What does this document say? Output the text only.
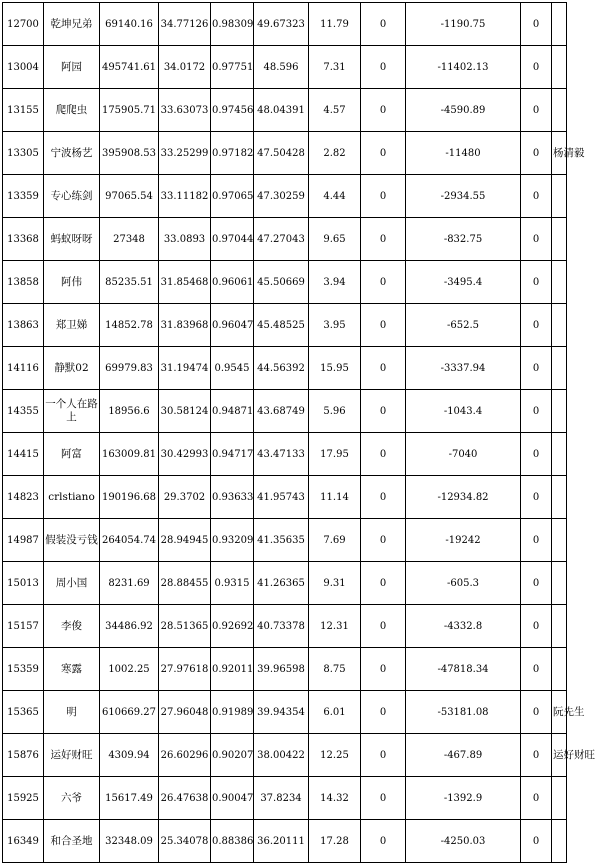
12700	乾坤兄弟	69140.16	34.77126	0.98309	49.67323	11.79	0	-1190.75	0	
13004	阿园	495741.61	34.0172	0.97751	48.596	7.31	0	-11402.13	0	
13155	爬爬虫	175905.71	33.63073	0.97456	48.04391	4.57	0	-4590.89	0	
13305	宁波杨艺	395908.53	33.25299	0.97182	47.50428	2.82	0	-11480	0	杨清毅
13359	专心练剑	97065.54	33.11182	0.97065	47.30259	4.44	0	-2934.55	0	
13368	蚂蚁呀呀	27348	33.0893	0.97044	47.27043	9.65	0	-832.75	0	
13858	阿伟	85235.51	31.85468	0.96061	45.50669	3.94	0	-3495.4	0	
13863	郑卫娣	14852.78	31.83968	0.96047	45.48525	3.95	0	-652.5	0	
14116	静默02	69979.83	31.19474	0.9545	44.56392	15.95	0	-3337.94	0	
14355	一个人在路上	18956.6	30.58124	0.94871	43.68749	5.96	0	-1043.4	0	
14415	阿富	163009.81	30.42993	0.94717	43.47133	17.95	0	-7040	0	
14823	crlstiano	190196.68	29.3702	0.93633	41.95743	11.14	0	-12934.82	0	
14987	假装没亏钱	264054.74	28.94945	0.93209	41.35635	7.69	0	-19242	0	
15013	周小国	8231.69	28.88455	0.9315	41.26365	9.31	0	-605.3	0	
15157	李俊	34486.92	28.51365	0.92692	40.73378	12.31	0	-4332.8	0	
15359	寒露	1002.25	27.97618	0.92011	39.96598	8.75	0	-47818.34	0	
15365	明	610669.27	27.96048	0.91989	39.94354	6.01	0	-53181.08	0	阮先生
15876	运好财旺	4309.94	26.60296	0.90207	38.00422	12.25	0	-467.89	0	运好财旺
15925	六爷	15617.49	26.47638	0.90047	37.8234	14.32	0	-1392.9	0	
16349	和合圣地	32348.09	25.34078	0.88386	36.20111	17.28	0	-4250.03	0	
